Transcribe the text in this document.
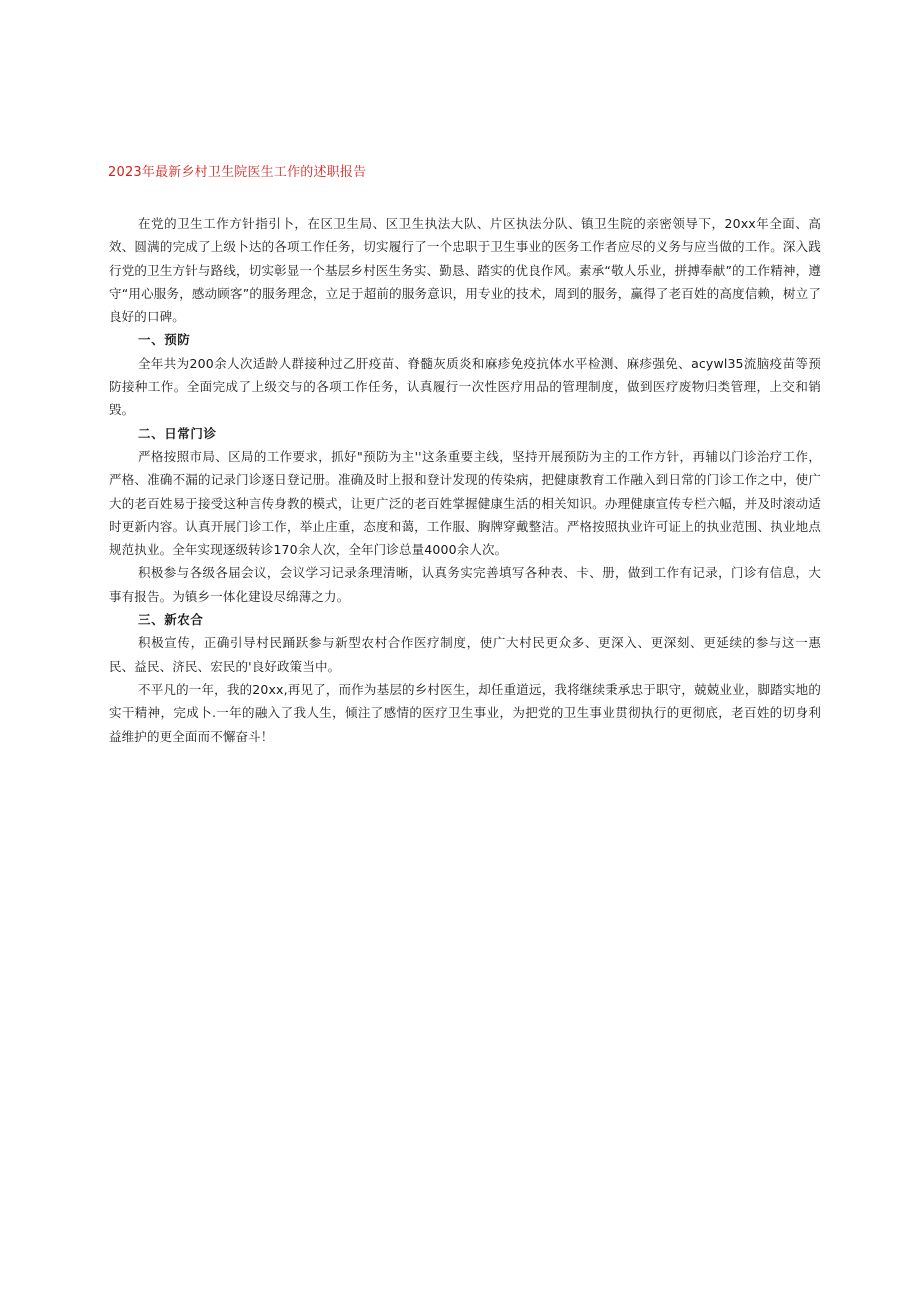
2023年最新乡村卫生院医生工作的述职报告

在党的卫生工作方针指引卜，在区卫生局、区卫生执法大队、片区执法分队、镇卫生院的亲密领导下，20xx年全面、高效、圆满的完成了上级卜达的各项工作任务，切实履行了一个忠职于卫生事业的医务工作者应尽的义务与应当做的工作。深入践行党的卫生方针与路线，切实彰显一个基层乡村医生务实、勤恳、踏实的优良作风。素承“敬人乐业，拼搏奉献”的工作精神，遵守“用心服务，感动顾客”的服务理念，立足于超前的服务意识，用专业的技术，周到的服务，赢得了老百姓的高度信赖，树立了良好的口碑。

一、预防

全年共为200余人次适龄人群接种过乙肝疫苗、脊髓灰质炎和麻疹免疫抗体水平检测、麻疹强免、acywl35流脑疫苗等预防接种工作。全面完成了上级交与的各项工作任务，认真履行一次性医疗用品的管理制度，做到医疗废物归类管理，上交和销毁。

二、日常门诊

严格按照市局、区局的工作要求，抓好"预防为主''这条重要主线，坚持开展预防为主的工作方针，再辅以门诊治疗工作，严格、准确不漏的记录门诊逐日登记册。准确及时上报和登计发现的传染病，把健康教育工作融入到日常的门诊工作之中，使广大的老百姓易于接受这种言传身教的模式，让更广泛的老百姓掌握健康生活的相关知识。办理健康宣传专栏六幅，并及时滚动适时更新内容。认真开展门诊工作，举止庄重，态度和蔼，工作服、胸牌穿戴整洁。严格按照执业许可证上的执业范围、执业地点规范执业。全年实现逐级转诊170余人次，全年门诊总量4000余人次。

积极参与各级各届会议，会议学习记录条理清晰，认真务实完善填写各种表、卡、册，做到工作有记录，门诊有信息，大事有报告。为镇乡一体化建设尽绵薄之力。

三、新农合

积极宣传，正确引导村民踊跃参与新型农村合作医疗制度，使广大村民更众多、更深入、更深刻、更延续的参与这一惠民、益民、济民、宏民的'良好政策当中。

不平凡的一年，我的20xx,再见了，而作为基层的乡村医生，却任重道远，我将继续秉承忠于职守，兢兢业业，脚踏实地的实干精神，完成卜.一年的融入了我人生，倾注了感情的医疗卫生事业，为把党的卫生事业贯彻执行的更彻底，老百姓的切身利益维护的更全面而不懈奋斗！
